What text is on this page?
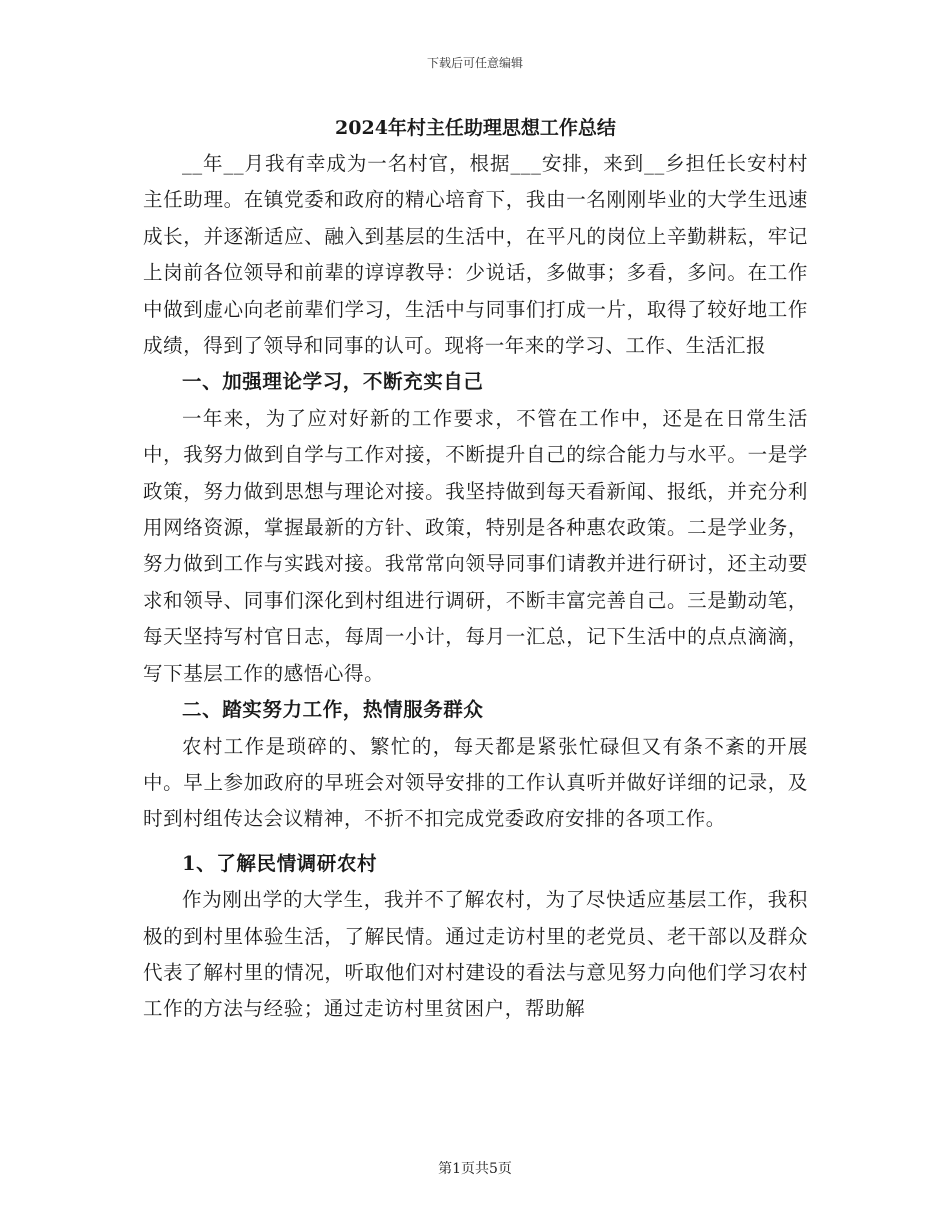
下载后可任意编辑
2024年村主任助理思想工作总结

__年__月我有幸成为一名村官，根据___安排，来到__乡担任长安村村主任助理。在镇党委和政府的精心培育下，我由一名刚刚毕业的大学生迅速成长，并逐渐适应、融入到基层的生活中，在平凡的岗位上辛勤耕耘，牢记上岗前各位领导和前辈的谆谆教导：少说话，多做事；多看，多问。在工作中做到虚心向老前辈们学习，生活中与同事们打成一片，取得了较好地工作成绩，得到了领导和同事的认可。现将一年来的学习、工作、生活汇报

一、加强理论学习，不断充实自己

一年来，为了应对好新的工作要求，不管在工作中，还是在日常生活中，我努力做到自学与工作对接，不断提升自己的综合能力与水平。一是学政策，努力做到思想与理论对接。我坚持做到每天看新闻、报纸，并充分利用网络资源，掌握最新的方针、政策，特别是各种惠农政策。二是学业务，努力做到工作与实践对接。我常常向领导同事们请教并进行研讨，还主动要求和领导、同事们深化到村组进行调研，不断丰富完善自己。三是勤动笔，每天坚持写村官日志，每周一小计，每月一汇总，记下生活中的点点滴滴，写下基层工作的感悟心得。

二、踏实努力工作，热情服务群众

农村工作是琐碎的、繁忙的，每天都是紧张忙碌但又有条不紊的开展中。早上参加政府的早班会对领导安排的工作认真听并做好详细的记录，及时到村组传达会议精神，不折不扣完成党委政府安排的各项工作。

1、了解民情调研农村

作为刚出学的大学生，我并不了解农村，为了尽快适应基层工作，我积极的到村里体验生活，了解民情。通过走访村里的老党员、老干部以及群众代表了解村里的情况，听取他们对村建设的看法与意见努力向他们学习农村工作的方法与经验；通过走访村里贫困户，帮助解

第1页共5页
